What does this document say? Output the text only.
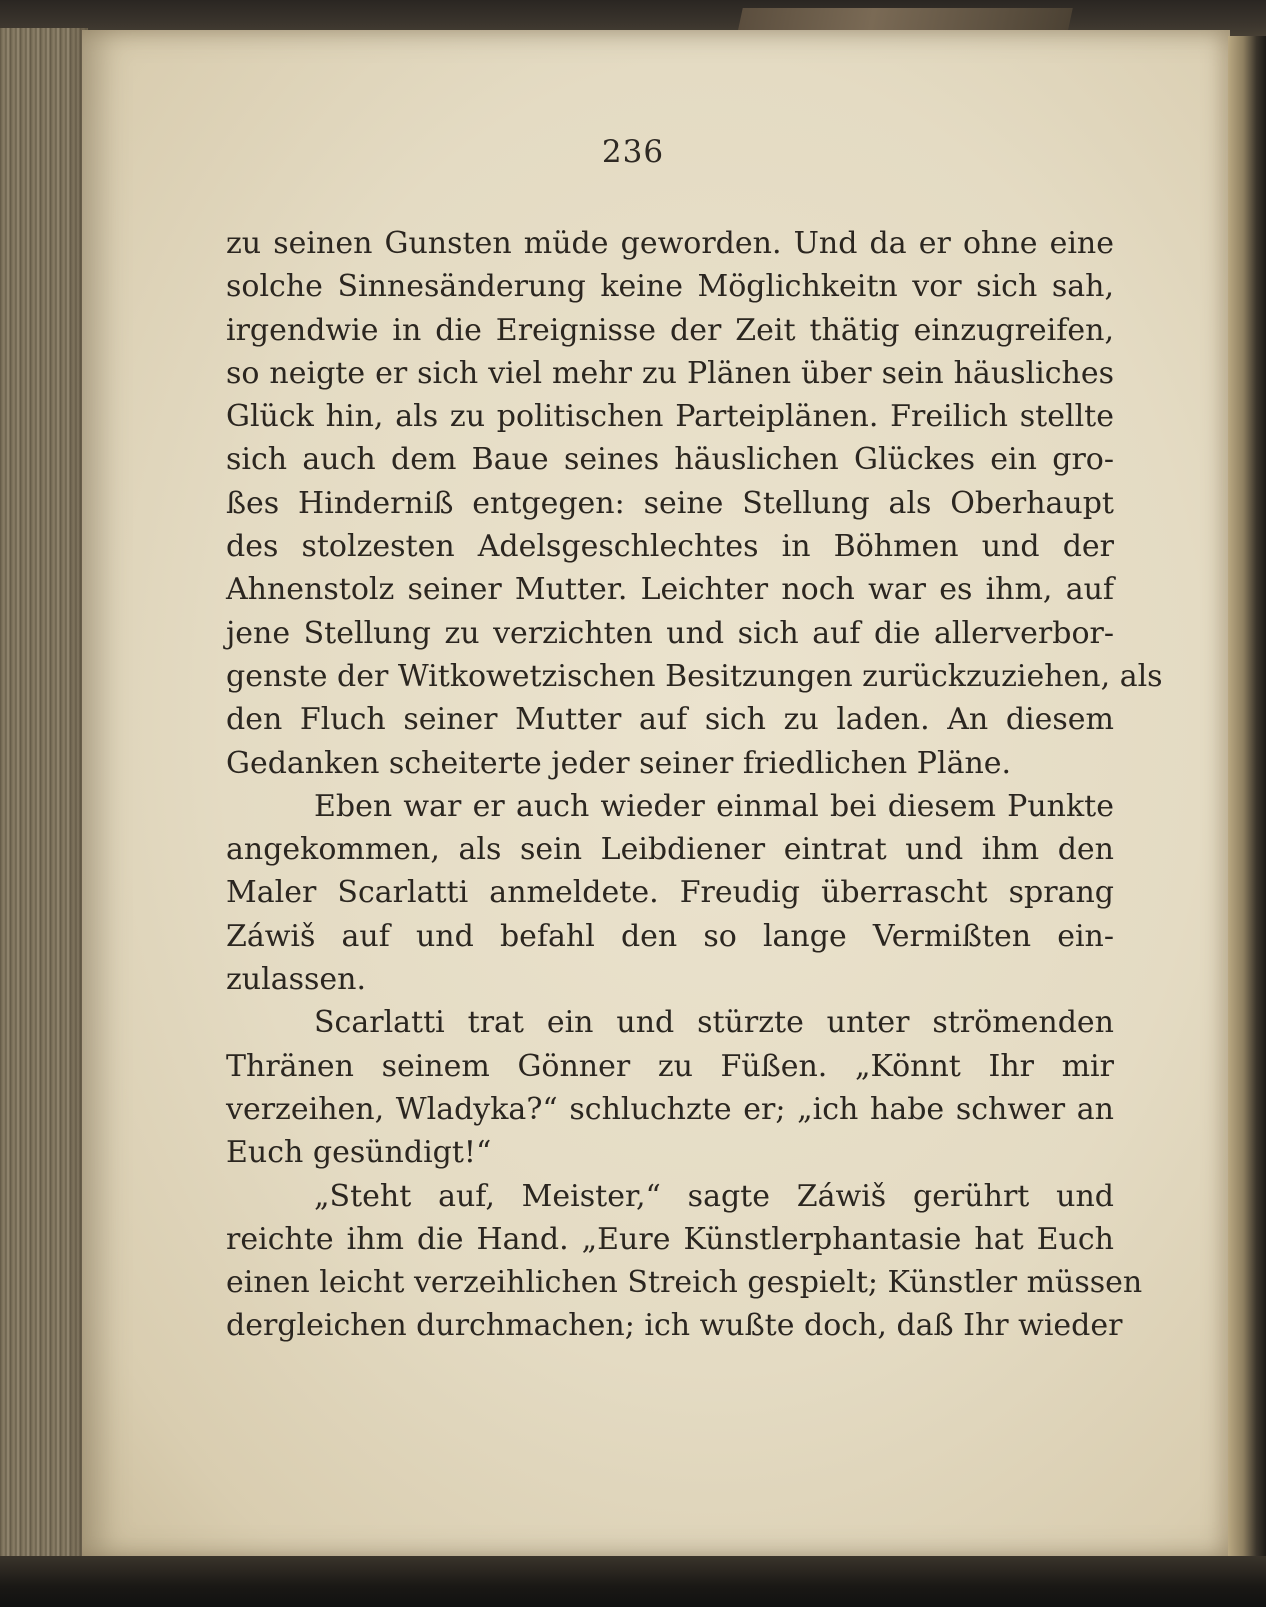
236
zu seinen Gunsten müde geworden. Und da er ohne eine
solche Sinnesänderung keine Möglichkeitn vor sich sah,
irgendwie in die Ereignisse der Zeit thätig einzugreifen,
so neigte er sich viel mehr zu Plänen über sein häusliches
Glück hin, als zu politischen Parteiplänen. Freilich stellte
sich auch dem Baue seines häuslichen Glückes ein gro-
ßes Hinderniß entgegen: seine Stellung als Oberhaupt
des stolzesten Adelsgeschlechtes in Böhmen und der
Ahnenstolz seiner Mutter. Leichter noch war es ihm, auf
jene Stellung zu verzichten und sich auf die allerverbor-
genste der Witkowetzischen Besitzungen zurückzuziehen, als
den Fluch seiner Mutter auf sich zu laden. An diesem
Gedanken scheiterte jeder seiner friedlichen Pläne.
Eben war er auch wieder einmal bei diesem Punkte
angekommen, als sein Leibdiener eintrat und ihm den
Maler Scarlatti anmeldete. Freudig überrascht sprang
Záwiš auf und befahl den so lange Vermißten ein-
zulassen.
Scarlatti trat ein und stürzte unter strömenden
Thränen seinem Gönner zu Füßen. „Könnt Ihr mir
verzeihen, Wladyka?“ schluchzte er; „ich habe schwer an
Euch gesündigt!“
„Steht auf, Meister,“ sagte Záwiš gerührt und
reichte ihm die Hand. „Eure Künstlerphantasie hat Euch
einen leicht verzeihlichen Streich gespielt; Künstler müssen
dergleichen durchmachen; ich wußte doch, daß Ihr wieder
